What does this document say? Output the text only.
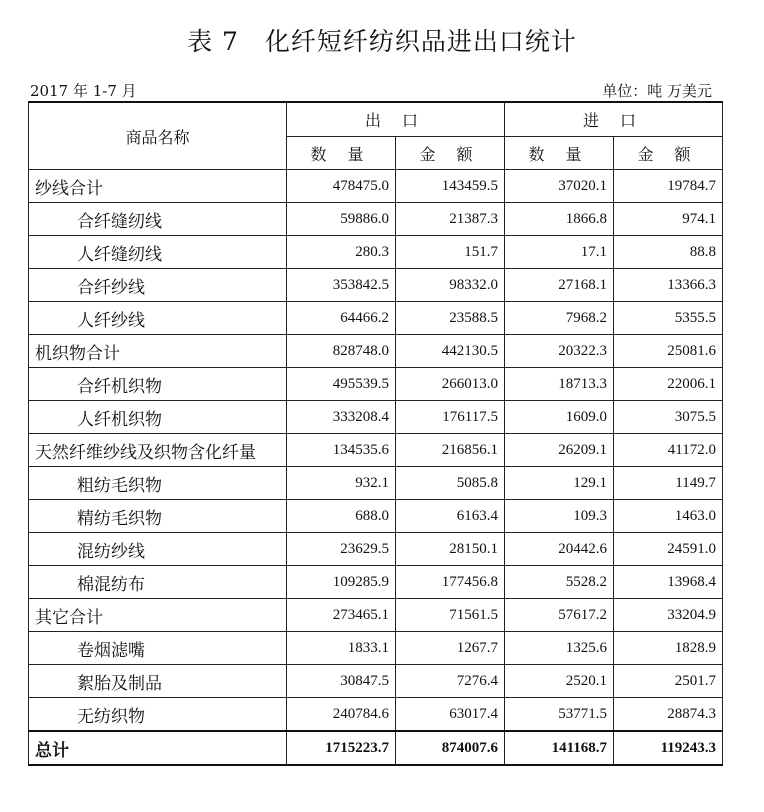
表 7 化纤短纤纺织品进出口统计
2017 年 1-7 月	单位：吨 万美元
商品名称	出 口		进 口	
	数 量	金 额	数 量	金 额
纱线合计	478475.0	143459.5	37020.1	19784.7
合纤缝纫线	59886.0	21387.3	1866.8	974.1
人纤缝纫线	280.3	151.7	17.1	88.8
合纤纱线	353842.5	98332.0	27168.1	13366.3
人纤纱线	64466.2	23588.5	7968.2	5355.5
机织物合计	828748.0	442130.5	20322.3	25081.6
合纤机织物	495539.5	266013.0	18713.3	22006.1
人纤机织物	333208.4	176117.5	1609.0	3075.5
天然纤维纱线及织物含化纤量	134535.6	216856.1	26209.1	41172.0
粗纺毛织物	932.1	5085.8	129.1	1149.7
精纺毛织物	688.0	6163.4	109.3	1463.0
混纺纱线	23629.5	28150.1	20442.6	24591.0
棉混纺布	109285.9	177456.8	5528.2	13968.4
其它合计	273465.1	71561.5	57617.2	33204.9
卷烟滤嘴	1833.1	1267.7	1325.6	1828.9
絮胎及制品	30847.5	7276.4	2520.1	2501.7
无纺织物	240784.6	63017.4	53771.5	28874.3
总计	1715223.7	874007.6	141168.7	119243.3
